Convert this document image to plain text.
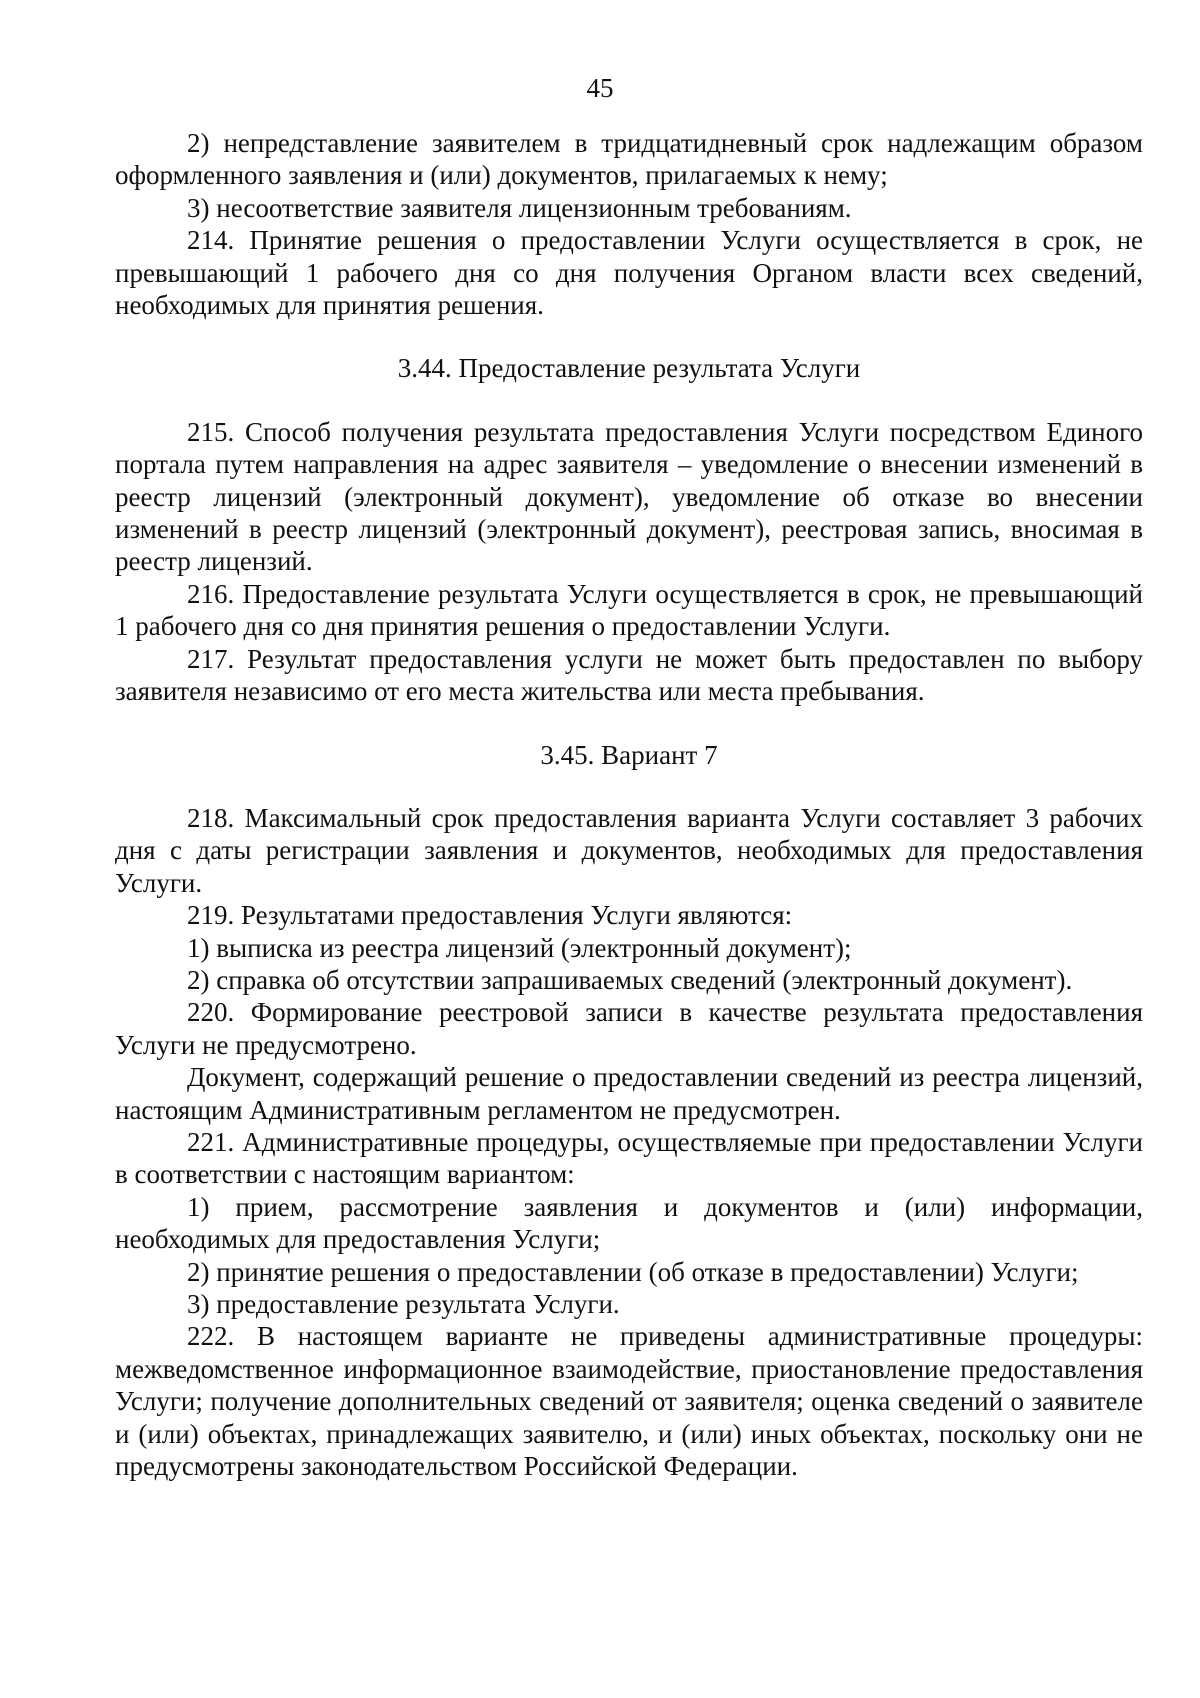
45

2) непредставление заявителем в тридцатидневный срок надлежащим образом оформленного заявления и (или) документов, прилагаемых к нему;

3) несоответствие заявителя лицензионным требованиям.

214. Принятие решения о предоставлении Услуги осуществляется в срок, не превышающий 1 рабочего дня со дня получения Органом власти всех сведений, необходимых для принятия решения.

3.44. Предоставление результата Услуги

215. Способ получения результата предоставления Услуги посредством Единого портала путем направления на адрес заявителя – уведомление о внесении изменений в реестр лицензий (электронный документ), уведомление об отказе во внесении изменений в реестр лицензий (электронный документ), реестровая запись, вносимая в реестр лицензий.

216. Предоставление результата Услуги осуществляется в срок, не превышающий 1 рабочего дня со дня принятия решения о предоставлении Услуги.

217. Результат предоставления услуги не может быть предоставлен по выбору заявителя независимо от его места жительства или места пребывания.

3.45. Вариант 7

218. Максимальный срок предоставления варианта Услуги составляет 3 рабочих дня с даты регистрации заявления и документов, необходимых для предоставления Услуги.

219. Результатами предоставления Услуги являются:

1) выписка из реестра лицензий (электронный документ);

2) справка об отсутствии запрашиваемых сведений (электронный документ).

220. Формирование реестровой записи в качестве результата предоставления Услуги не предусмотрено.

Документ, содержащий решение о предоставлении сведений из реестра лицензий, настоящим Административным регламентом не предусмотрен.

221. Административные процедуры, осуществляемые при предоставлении Услуги в соответствии с настоящим вариантом:

1) прием, рассмотрение заявления и документов и (или) информации, необходимых для предоставления Услуги;

2) принятие решения о предоставлении (об отказе в предоставлении) Услуги;

3) предоставление результата Услуги.

222. В настоящем варианте не приведены административные процедуры: межведомственное информационное взаимодействие, приостановление предоставления Услуги; получение дополнительных сведений от заявителя; оценка сведений о заявителе и (или) объектах, принадлежащих заявителю, и (или) иных объектах, поскольку они не предусмотрены законодательством Российской Федерации.
